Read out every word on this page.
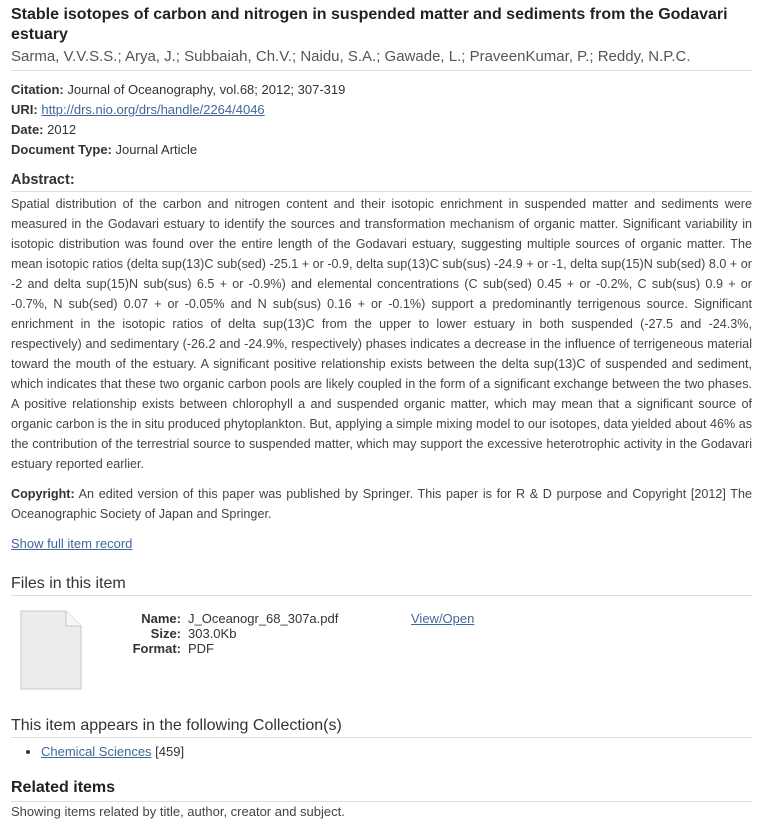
Stable isotopes of carbon and nitrogen in suspended matter and sediments from the Godavari estuary
Sarma, V.V.S.S.; Arya, J.; Subbaiah, Ch.V.; Naidu, S.A.; Gawade, L.; PraveenKumar, P.; Reddy, N.P.C.
Citation: Journal of Oceanography, vol.68; 2012; 307-319
URI: http://drs.nio.org/drs/handle/2264/4046
Date: 2012
Document Type: Journal Article
Abstract:
Spatial distribution of the carbon and nitrogen content and their isotopic enrichment in suspended matter and sediments were measured in the Godavari estuary to identify the sources and transformation mechanism of organic matter. Significant variability in isotopic distribution was found over the entire length of the Godavari estuary, suggesting multiple sources of organic matter. The mean isotopic ratios (delta sup(13)C sub(sed) -25.1 + or -0.9, delta sup(13)C sub(sus) -24.9 + or -1, delta sup(15)N sub(sed) 8.0 + or -2 and delta sup(15)N sub(sus) 6.5 + or -0.9%) and elemental concentrations (C sub(sed) 0.45 + or -0.2%, C sub(sus) 0.9 + or -0.7%, N sub(sed) 0.07 + or -0.05% and N sub(sus) 0.16 + or -0.1%) support a predominantly terrigenous source. Significant enrichment in the isotopic ratios of delta sup(13)C from the upper to lower estuary in both suspended (-27.5 and -24.3%, respectively) and sedimentary (-26.2 and -24.9%, respectively) phases indicates a decrease in the influence of terrigeneous material toward the mouth of the estuary. A significant positive relationship exists between the delta sup(13)C of suspended and sediment, which indicates that these two organic carbon pools are likely coupled in the form of a significant exchange between the two phases. A positive relationship exists between chlorophyll a and suspended organic matter, which may mean that a significant source of organic carbon is the in situ produced phytoplankton. But, applying a simple mixing model to our isotopes, data yielded about 46% as the contribution of the terrestrial source to suspended matter, which may support the excessive heterotrophic activity in the Godavari estuary reported earlier.
Copyright: An edited version of this paper was published by Springer. This paper is for R & D purpose and Copyright [2012] The Oceanographic Society of Japan and Springer.
Show full item record
Files in this item
Name: J_Oceanogr_68_307a.pdf
Size: 303.0Kb
Format: PDF
View/Open
This item appears in the following Collection(s)
• Chemical Sciences [459]
Related items
Showing items related by title, author, creator and subject.
